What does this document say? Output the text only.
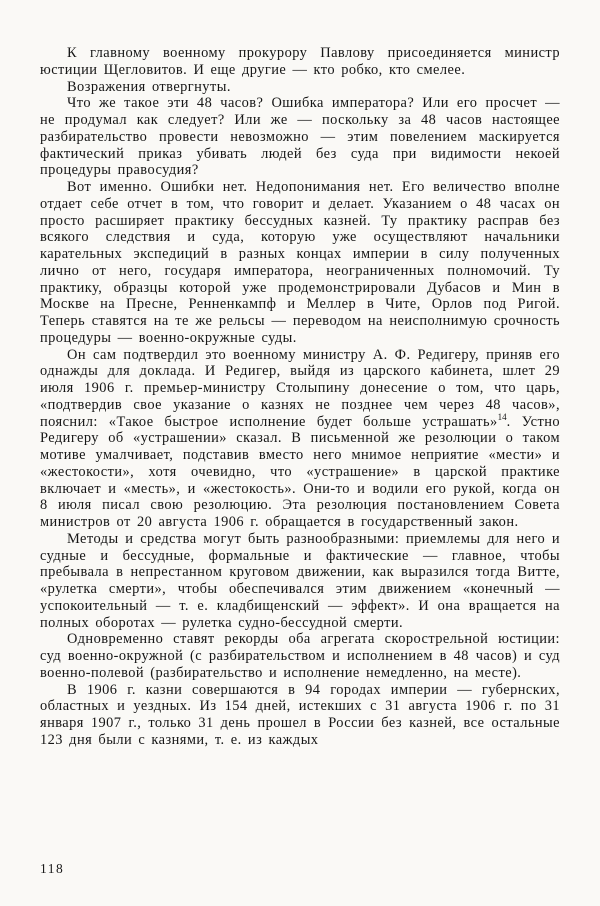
К главному военному прокурору Павлову присоединяется министр юстиции Щегловитов. И еще другие — кто робко, кто смелее.

Возражения отвергнуты.

Что же такое эти 48 часов? Ошибка императора? Или его просчет — не продумал как следует? Или же — поскольку за 48 часов настоящее разбирательство провести невозможно — этим повелением маскируется фактический приказ убивать людей без суда при видимости некоей процедуры правосудия?

Вот именно. Ошибки нет. Недопонимания нет. Его величество вполне отдает себе отчет в том, что говорит и делает. Указанием о 48 часах он просто расширяет практику бессудных казней. Ту практику расправ без всякого следствия и суда, которую уже осуществляют начальники карательных экспедиций в разных концах империи в силу полученных лично от него, государя императора, неограниченных полномочий. Ту практику, образцы которой уже продемонстрировали Дубасов и Мин в Москве на Пресне, Ренненкампф и Меллер в Чите, Орлов под Ригой. Теперь ставятся на те же рельсы — переводом на неисполнимую срочность процедуры — военно-окружные суды.

Он сам подтвердил это военному министру А. Ф. Редигеру, приняв его однажды для доклада. И Редигер, выйдя из царского кабинета, шлет 29 июля 1906 г. премьер-министру Столыпину донесение о том, что царь, «подтвердив свое указание о казнях не позднее чем через 48 часов», пояснил: «Такое быстрое исполнение будет больше устрашать»$^{14}$. Устно Редигеру об «устрашении» сказал. В письменной же резолюции о таком мотиве умалчивает, подставив вместо него мнимое неприятие «мести» и «жестокости», хотя очевидно, что «устрашение» в царской практике включает и «месть», и «жестокость». Они-то и водили его рукой, когда он 8 июля писал свою резолюцию. Эта резолюция постановлением Совета министров от 20 августа 1906 г. обращается в государственный закон.

Методы и средства могут быть разнообразными: приемлемы для него и судные и бессудные, формальные и фактические — главное, чтобы пребывала в непрестанном круговом движении, как выразился тогда Витте, «рулетка смерти», чтобы обеспечивался этим движением «конечный — успокоительный — т. е. кладбищенский — эффект». И она вращается на полных оборотах — рулетка судно-бессудной смерти.

Одновременно ставят рекорды оба агрегата скорострельной юстиции: суд военно-окружной (с разбирательством и исполнением в 48 часов) и суд военно-полевой (разбирательство и исполнение немедленно, на месте).

В 1906 г. казни совершаются в 94 городах империи — губернских, областных и уездных. Из 154 дней, истекших с 31 августа 1906 г. по 31 января 1907 г., только 31 день прошел в России без казней, все остальные 123 дня были с казнями, т. е. из каждых

118
